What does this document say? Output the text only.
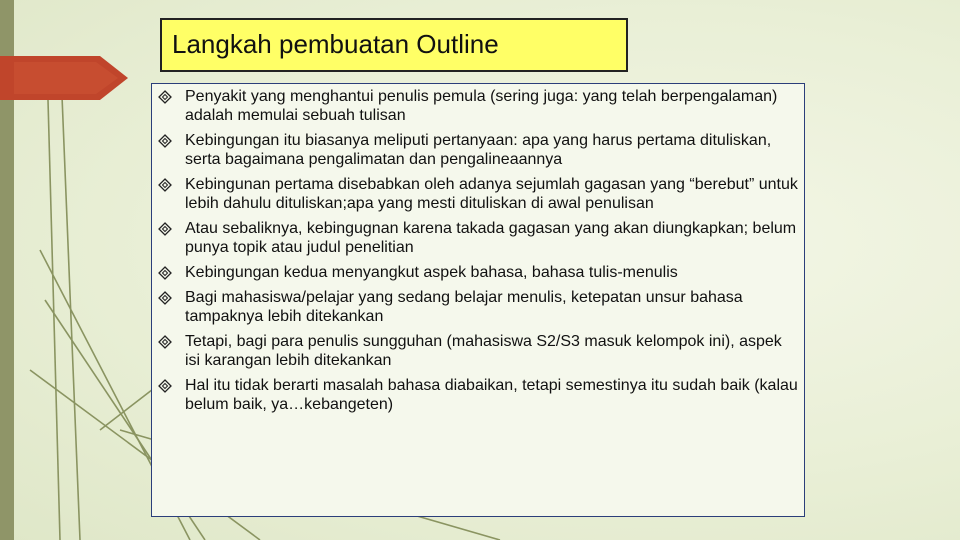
Langkah pembuatan Outline
Penyakit yang menghantui penulis pemula (sering juga: yang telah berpengalaman) adalah memulai sebuah tulisan
Kebingungan itu biasanya meliputi pertanyaan: apa yang harus pertama dituliskan, serta bagaimana pengalimatan dan pengalineaannya
Kebingunan pertama disebabkan oleh adanya sejumlah gagasan yang “berebut” untuk lebih dahulu dituliskan;apa yang mesti dituliskan di awal penulisan
Atau sebaliknya, kebingugnan karena takada gagasan yang akan diungkapkan; belum punya topik atau judul penelitian
Kebingungan kedua menyangkut aspek bahasa, bahasa tulis-menulis
Bagi mahasiswa/pelajar yang sedang belajar menulis, ketepatan unsur bahasa tampaknya lebih ditekankan
Tetapi, bagi para penulis sungguhan (mahasiswa S2/S3 masuk kelompok ini), aspek isi karangan lebih ditekankan
Hal itu tidak berarti masalah bahasa diabaikan, tetapi semestinya itu sudah baik (kalau belum baik, ya…kebangeten)
